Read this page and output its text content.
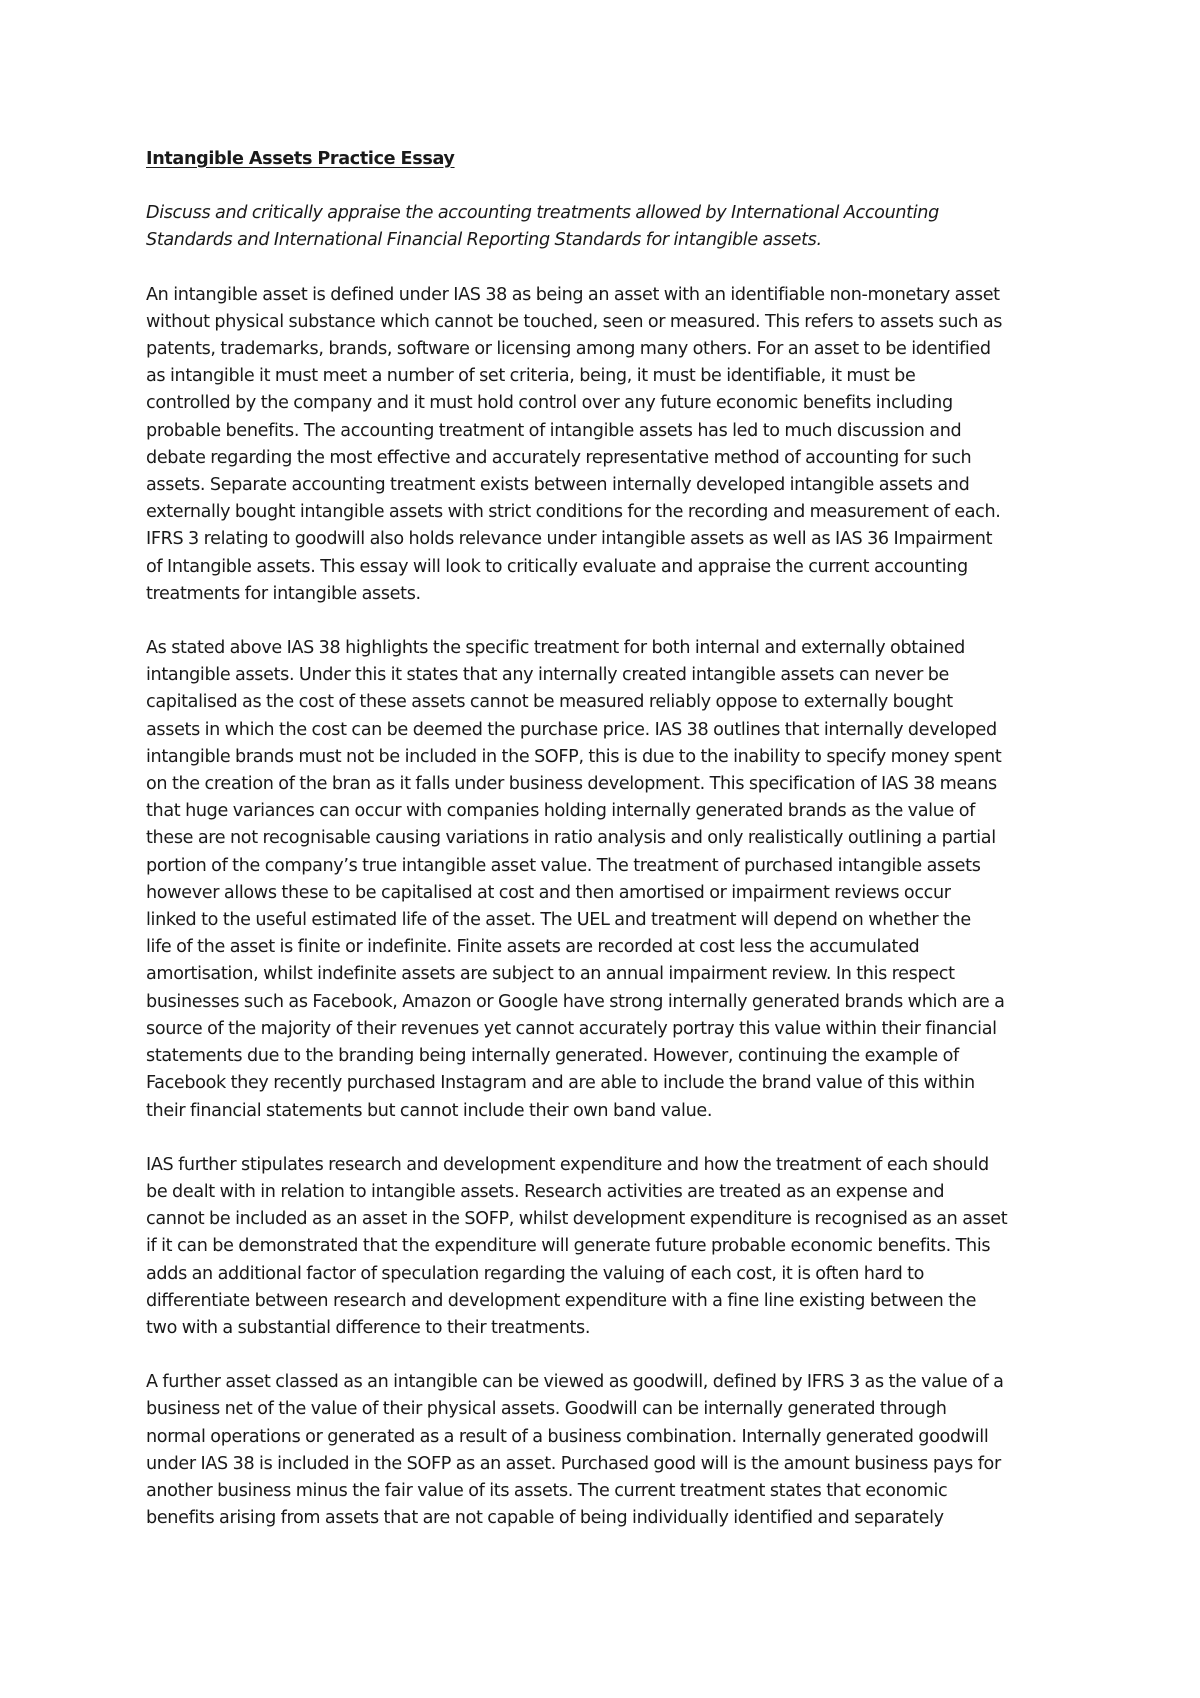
Intangible Assets Practice Essay
Discuss and critically appraise the accounting treatments allowed by International Accounting
Standards and International Financial Reporting Standards for intangible assets.
An intangible asset is defined under IAS 38 as being an asset with an identifiable non-monetary asset
without physical substance which cannot be touched, seen or measured. This refers to assets such as
patents, trademarks, brands, software or licensing among many others. For an asset to be identified
as intangible it must meet a number of set criteria, being, it must be identifiable, it must be
controlled by the company and it must hold control over any future economic benefits including
probable benefits. The accounting treatment of intangible assets has led to much discussion and
debate regarding the most effective and accurately representative method of accounting for such
assets. Separate accounting treatment exists between internally developed intangible assets and
externally bought intangible assets with strict conditions for the recording and measurement of each.
IFRS 3 relating to goodwill also holds relevance under intangible assets as well as IAS 36 Impairment
of Intangible assets. This essay will look to critically evaluate and appraise the current accounting
treatments for intangible assets.
As stated above IAS 38 highlights the specific treatment for both internal and externally obtained
intangible assets. Under this it states that any internally created intangible assets can never be
capitalised as the cost of these assets cannot be measured reliably oppose to externally bought
assets in which the cost can be deemed the purchase price. IAS 38 outlines that internally developed
intangible brands must not be included in the SOFP, this is due to the inability to specify money spent
on the creation of the bran as it falls under business development. This specification of IAS 38 means
that huge variances can occur with companies holding internally generated brands as the value of
these are not recognisable causing variations in ratio analysis and only realistically outlining a partial
portion of the company’s true intangible asset value. The treatment of purchased intangible assets
however allows these to be capitalised at cost and then amortised or impairment reviews occur
linked to the useful estimated life of the asset. The UEL and treatment will depend on whether the
life of the asset is finite or indefinite. Finite assets are recorded at cost less the accumulated
amortisation, whilst indefinite assets are subject to an annual impairment review. In this respect
businesses such as Facebook, Amazon or Google have strong internally generated brands which are a
source of the majority of their revenues yet cannot accurately portray this value within their financial
statements due to the branding being internally generated. However, continuing the example of
Facebook they recently purchased Instagram and are able to include the brand value of this within
their financial statements but cannot include their own band value.
IAS further stipulates research and development expenditure and how the treatment of each should
be dealt with in relation to intangible assets. Research activities are treated as an expense and
cannot be included as an asset in the SOFP, whilst development expenditure is recognised as an asset
if it can be demonstrated that the expenditure will generate future probable economic benefits. This
adds an additional factor of speculation regarding the valuing of each cost, it is often hard to
differentiate between research and development expenditure with a fine line existing between the
two with a substantial difference to their treatments.
A further asset classed as an intangible can be viewed as goodwill, defined by IFRS 3 as the value of a
business net of the value of their physical assets. Goodwill can be internally generated through
normal operations or generated as a result of a business combination. Internally generated goodwill
under IAS 38 is included in the SOFP as an asset. Purchased good will is the amount business pays for
another business minus the fair value of its assets. The current treatment states that economic
benefits arising from assets that are not capable of being individually identified and separately
